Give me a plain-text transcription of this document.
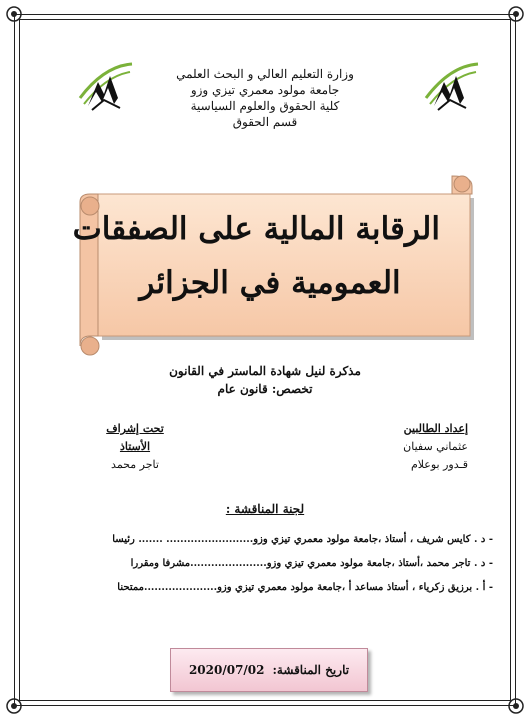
وزارة التعليم العالي و البحث العلمي
جامعة مولود معمري تيزي وزو
كلية الحقوق والعلوم السياسية
قسم الحقوق
الرقابة المالية على الصفقات
العمومية في الجزائر
مذكرة لنيل شهادة الماستر في القانون
تخصص: قانون عام
إعداد الطالبين
عثماني سفيان
قـدور بوعلام
تحت إشراف الأستاذ
تاجر محمد
لجنة المناقشة :
- د . كايس شريف ، أستاذ ،جامعة مولود معمري تيزي وزو......................... ....... رئيسا
- د . تاجر محمد ،أستاذ ،جامعة مولود معمري تيزي وزو......................مشرفا ومقررا
- أ . برزيق زكرياء ، أستاذ مساعد أ ،جامعة مولود معمري تيزي وزو.....................ممتحنا
تاريخ المناقشة:
2020/07/02
